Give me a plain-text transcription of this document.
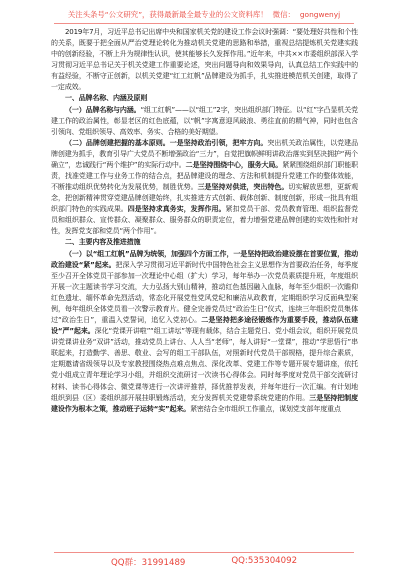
关注头条号“公文研究”，获得最新最全最专业的公文资料库！ 微信： gongwenyj

2019年7月，习近平总书记出席中央和国家机关党的建设工作会议时强调：“要处理好共性和个性的关系，既要于把全面从严治党理论转化为推动机关党建的思路和举措，重视总结提炼机关党建实践中的创新经验，不断上升为规律性认识，使其能够长久发挥作用。”近年来，中共××市委组织部深入学习贯彻习近平总书记关于机关党建工作重要论述，突出问题导向和效果导向，认真总结工作实践中的有益经验，不断守正创新，以机关党建“红工红帆”品牌建设为抓手，扎实推进模范机关创建，取得了一定成效。

一、品牌名称、内涵及原则

（一）品牌名称与内涵。“组工红帆”——以“组工”2字，突出组织部门特征。以“红”字凸显机关党建工作的政治属性，彰显老区的红色底蕴，以“帆”字寓意迎风破浪、勇往直前的精气神，同时也包含引领向、党组织领导、高效率、务实、合格的美好期望。

（二）品牌创建把握的基本原则。一是坚持政治引领，把牢方向。突出机关政治属性，以党建品牌创建为抓手，教育引导广大党员不断增强政治“三力”，自觉把旗帜鲜明讲政治落实到坚决拥护“两个确立”，忠诚践行“两个维护”的实际行动中。二是坚持围绕中心，服务大局。紧紧围绕组织部门职能职责，找准党建工作与业务工作的结合点，把品牌建设的理念、方法和机制提升党建工作的整体效能，不断推动组织优势转化为发展优势，制胜优势。三是坚持对供进，突出特色。切实解放思想，更新观念，把创新精神贯穿党建品牌创建始终，扎实推进方式创新、载体创新、制度创新，形成一批具有组织部门特色的实践成果。四是坚持求真务实，发挥作用。紧扣党员干部、党员教育管理、组织监督党员和组织群众、宣传群众、凝聚群众、服务群众的职责定位，着力增强党建品牌创建的实效性和针对性，发挥党支部和党员“两个作用”。

二、主要内容及推进措施

（一）以“组工红帆”品牌为统领，加强四个方面工作，一是坚持把政治建设摆在首要位置，推动政治建设“紧”起来。把深入学习贯彻习近平新时代中国特色社会主义思想作为首要政治任务，每季度至少召开全体党员干部参加一次理论中心组（扩大）学习，每年举办一次党员素质提升班，年度组织开展一次主题读书学习交流，大力弘扬大别山精神，推动红色基因融入血脉，每年至少组织一次瞻仰红色遗址、缅怀革命先烈活动，常态化开展党性党风党纪和廉洁从政教育，定期组织学习反面典型案例，每年组织全体党员看一次警示教育片。健全完善党员过“政治生日”仪式，连续三年组织党员集体过“政治生日”，重温入党誓词，追忆入党初心。二是坚持把多途径锻炼作为重要手段，推动队伍建设“严”起来。深化“党课开讲啦”“组工讲坛”等现有载体，结合主题党日、党小组会议，组织开展党员讲党课讲业务“双讲”活动，推动党员上讲台、人人当“老师”，每人讲好“一堂课”，推动“学思悟行”串联起来，打造勤学、善思、敬业、会写的组工干部队伍，对照新时代党员干部规格，提升综合素质，定期邀请省级领导以及专家教授围绕热点难点焦点、深化改革、党建工作等专题开展专题讲座，依托党小组成立青年理论学习小组，并组织交流研讨一次读书心得体会。同时每季度对党员干部交流研讨材料、读书心得体会、微党课等进行一次讲评推荐，择优推荐发表，并每年进行一次汇编。有计划地组织到县（区）委组织部开展挂职锻炼活动，充分发挥机关党建带系统党建的作用。三是坚持把制度建设作为根本之策，推动班子运转“实”起来。紧密结合全市组织工作重点，谋划党支部年度重点

QQ群：31991489	QQ:535304092
